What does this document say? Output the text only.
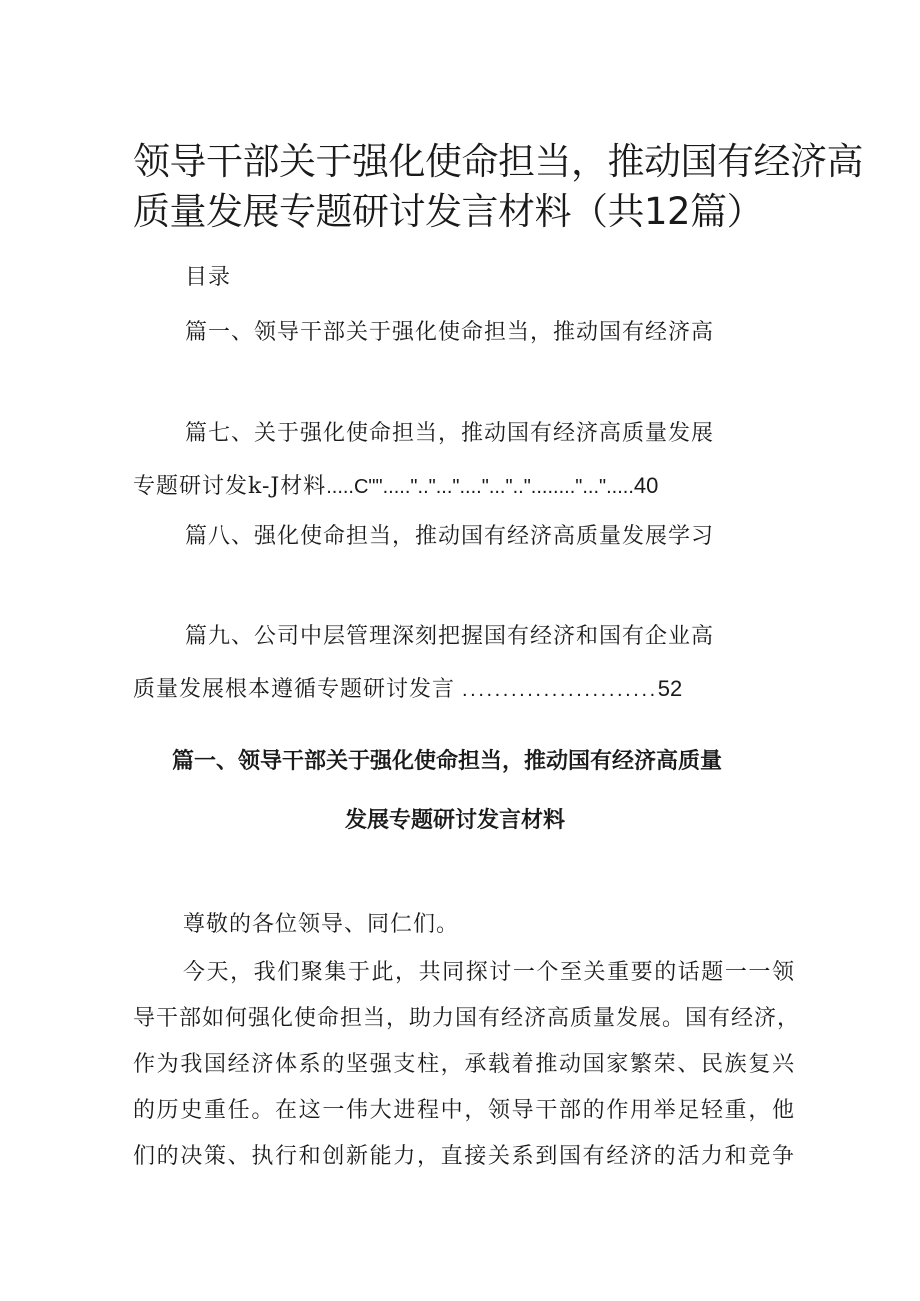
领导干部关于强化使命担当，推动国有经济高
质量发展专题研讨发言材料（共12篇）
目录
篇一、领导干部关于强化使命担当，推动国有经济高
篇七、关于强化使命担当，推动国有经济高质量发展
专题研讨发k-J材料.....C"".....".."..."...."...".."........"...".....40
篇八、强化使命担当，推动国有经济高质量发展学习
篇九、公司中层管理深刻把握国有经济和国有企业高
质量发展根本遵循专题研讨发言 ........................52
篇一、领导干部关于强化使命担当，推动国有经济高质量
发展专题研讨发言材料
尊敬的各位领导、同仁们。
今天，我们聚集于此，共同探讨一个至关重要的话题一一领
导干部如何强化使命担当，助力国有经济高质量发展。国有经济，
作为我国经济体系的坚强支柱，承载着推动国家繁荣、民族复兴
的历史重任。在这一伟大进程中，领导干部的作用举足轻重，他
们的决策、执行和创新能力，直接关系到国有经济的活力和竞争
